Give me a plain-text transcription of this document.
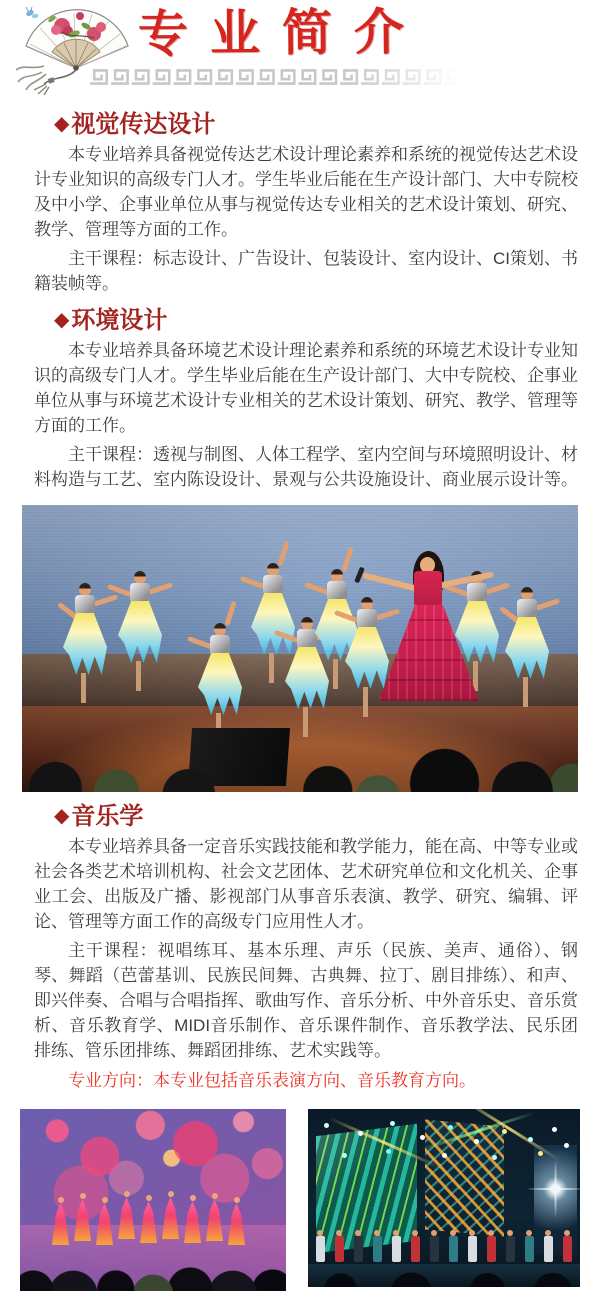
专业简介
◆ 视觉传达设计

本专业培养具备视觉传达艺术设计理论素养和系统的视觉传达艺术设计专业知识的高级专门人才。学生毕业后能在生产设计部门、大中专院校及中小学、企事业单位从事与视觉传达专业相关的艺术设计策划、研究、教学、管理等方面的工作。

主干课程：标志设计、广告设计、包装设计、室内设计、CI策划、书籍装帧等。

◆ 环境设计

本专业培养具备环境艺术设计理论素养和系统的环境艺术设计专业知识的高级专门人才。学生毕业后能在生产设计部门、大中专院校、企事业单位从事与环境艺术设计专业相关的艺术设计策划、研究、教学、管理等方面的工作。

主干课程：透视与制图、人体工程学、室内空间与环境照明设计、材料构造与工艺、室内陈设设计、景观与公共设施设计、商业展示设计等。

◆ 音乐学

本专业培养具备一定音乐实践技能和教学能力，能在高、中等专业或社会各类艺术培训机构、社会文艺团体、艺术研究单位和文化机关、企事业工会、出版及广播、影视部门从事音乐表演、教学、研究、编辑、评论、管理等方面工作的高级专门应用性人才。

主干课程：视唱练耳、基本乐理、声乐（民族、美声、通俗）、钢琴、舞蹈（芭蕾基训、民族民间舞、古典舞、拉丁、剧目排练）、和声、即兴伴奏、合唱与合唱指挥、歌曲写作、音乐分析、中外音乐史、音乐赏析、音乐教育学、MIDI音乐制作、音乐课件制作、音乐教学法、民乐团排练、管乐团排练、舞蹈团排练、艺术实践等。

专业方向：本专业包括音乐表演方向、音乐教育方向。
